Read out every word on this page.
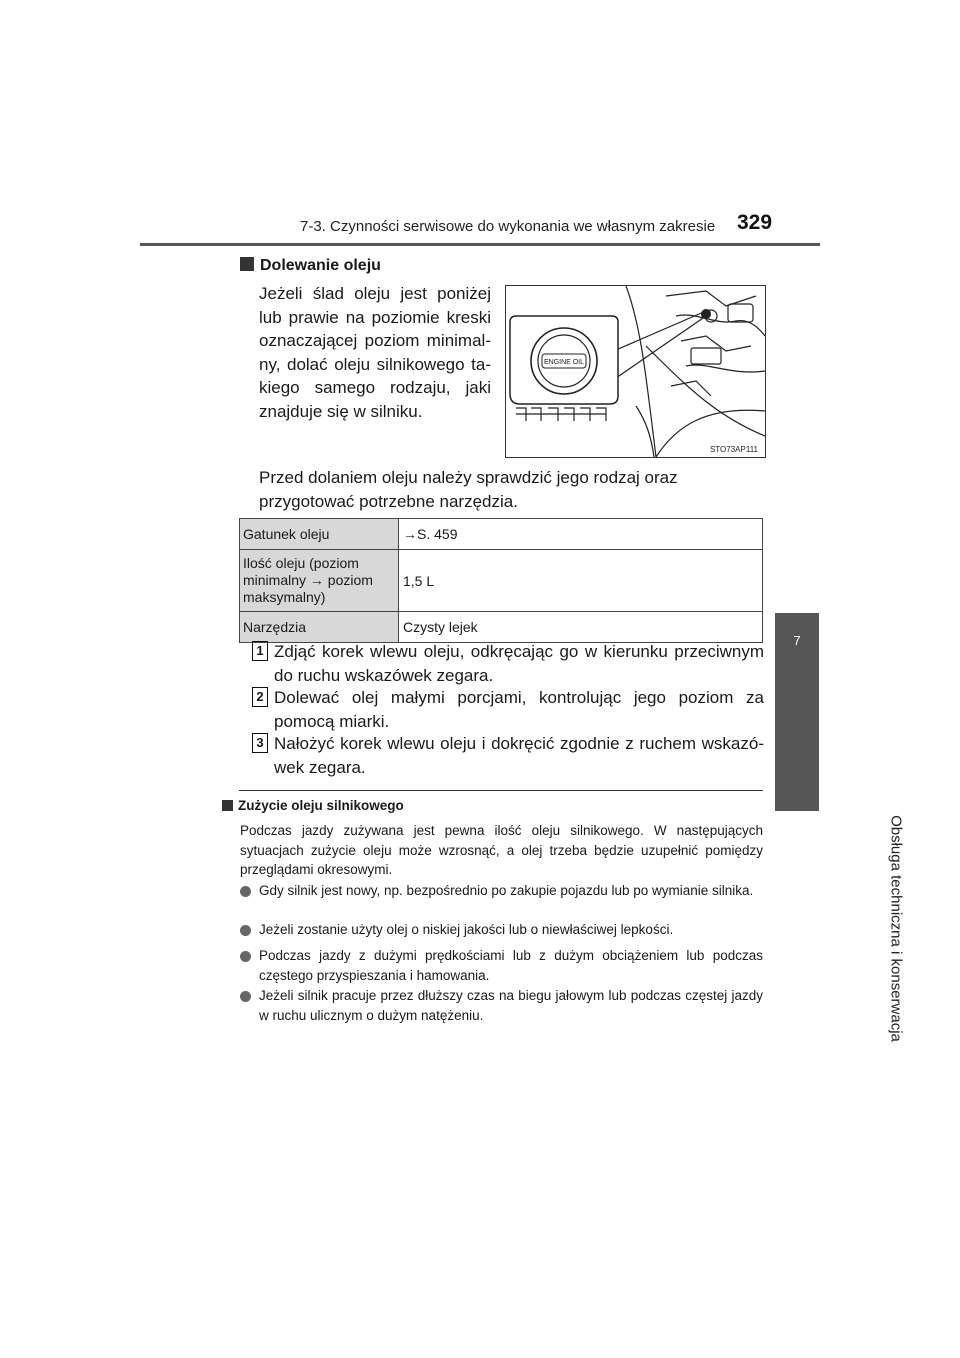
7-3. Czynności serwisowe do wykonania we własnym zakresie 329
7
Obsługa techniczna i konserwacja
Dolewanie oleju
Jeżeli ślad oleju jest poniżej lub prawie na poziomie kreski oznaczającej poziom minimalny, dolać oleju silnikowego takiego samego rodzaju, jaki znajduje się w silniku.
ENGINE OIL
STO73AP111
Przed dolaniem oleju należy sprawdzić jego rodzaj oraz przygotować potrzebne narzędzia.
Gatunek oleju	→S. 459
Ilość oleju (poziom minimalny → poziom maksymalny)	1,5 L
Narzędzia	Czysty lejek
1 Zdjąć korek wlewu oleju, odkręcając go w kierunku przeciwnym do ruchu wskazówek zegara.
2 Dolewać olej małymi porcjami, kontrolując jego poziom za pomocą miarki.
3 Nałożyć korek wlewu oleju i dokręcić zgodnie z ruchem wskazówek zegara.
Zużycie oleju silnikowego
Podczas jazdy zużywana jest pewna ilość oleju silnikowego. W następujących sytuacjach zużycie oleju może wzrosnąć, a olej trzeba będzie uzupełnić pomiędzy przeglądami okresowymi.
Gdy silnik jest nowy, np. bezpośrednio po zakupie pojazdu lub po wymianie silnika.
Jeżeli zostanie użyty olej o niskiej jakości lub o niewłaściwej lepkości.
Podczas jazdy z dużymi prędkościami lub z dużym obciążeniem lub podczas częstego przyspieszania i hamowania.
Jeżeli silnik pracuje przez dłuższy czas na biegu jałowym lub podczas częstej jazdy w ruchu ulicznym o dużym natężeniu.
